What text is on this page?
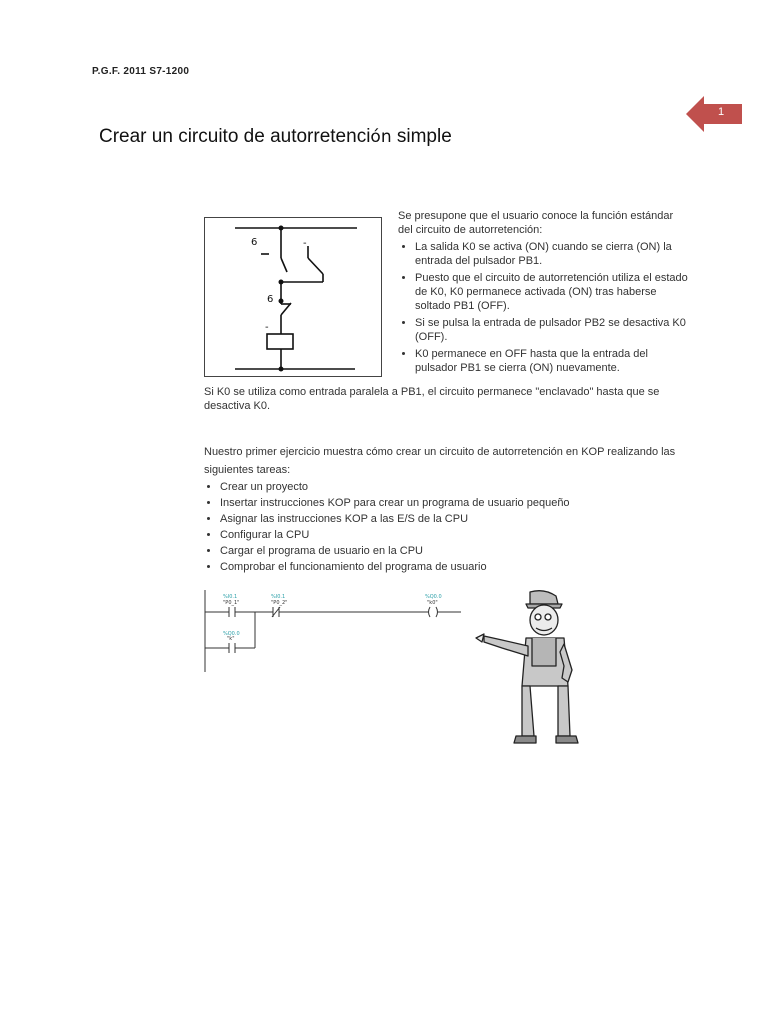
P.G.F. 2011 S7-1200
1
Crear un circuito de autorretención simple
6
6
-
-

Se presupone que el usuario conoce la función estándar del circuito de autorretención:

• La salida K0 se activa (ON) cuando se cierra (ON) la entrada del pulsador PB1.
• Puesto que el circuito de autorretención utiliza el estado de K0, K0 permanece activada (ON) tras haberse soltado PB1 (OFF).
• Si se pulsa la entrada de pulsador PB2 se desactiva K0 (OFF).
• K0 permanece en OFF hasta que la entrada del pulsador PB1 se cierra (ON) nuevamente.
Si K0 se utiliza como entrada paralela a PB1, el circuito permanece "enclavado" hasta que se desactiva K0.
Nuestro primer ejercicio muestra cómo crear un circuito de autorretención en KOP realizando las siguientes tareas:
• Crear un proyecto
• Insertar instrucciones KOP para crear un programa de usuario pequeño
• Asignar las instrucciones KOP a las E/S de la CPU
• Configurar la CPU
• Cargar el programa de usuario en la CPU
• Comprobar el funcionamiento del programa de usuario
%I0.1	%I0.1	%Q0.0
%Q0.0
"P0_1"	"P0_2"	"k0"
"k"
